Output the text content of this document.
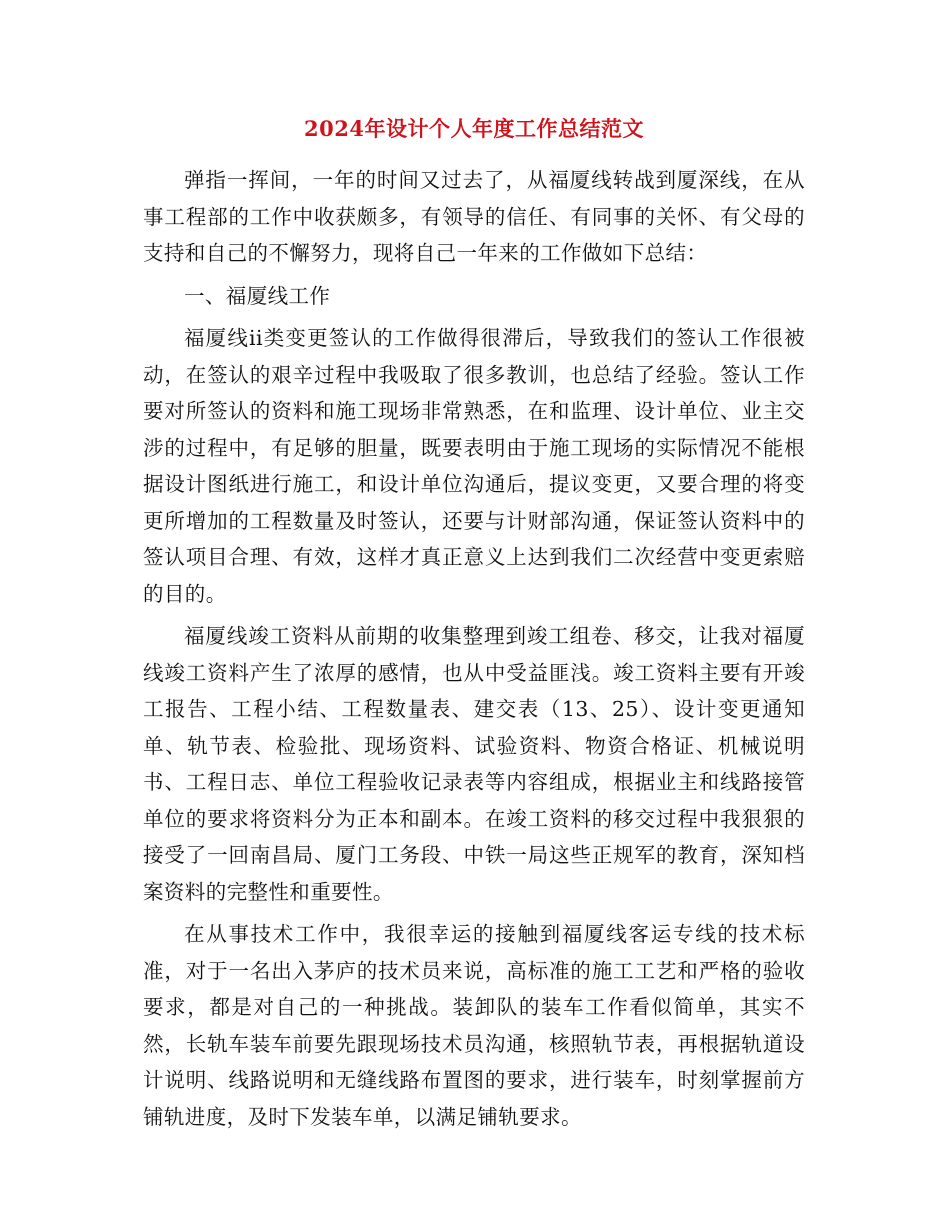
2024年设计个人年度工作总结范文

弹指一挥间，一年的时间又过去了，从福厦线转战到厦深线，在从事工程部的工作中收获颇多，有领导的信任、有同事的关怀、有父母的支持和自己的不懈努力，现将自己一年来的工作做如下总结：

一、福厦线工作

福厦线ii类变更签认的工作做得很滞后，导致我们的签认工作很被动，在签认的艰辛过程中我吸取了很多教训，也总结了经验。签认工作要对所签认的资料和施工现场非常熟悉，在和监理、设计单位、业主交涉的过程中，有足够的胆量，既要表明由于施工现场的实际情况不能根据设计图纸进行施工，和设计单位沟通后，提议变更，又要合理的将变更所增加的工程数量及时签认，还要与计财部沟通，保证签认资料中的签认项目合理、有效，这样才真正意义上达到我们二次经营中变更索赔的目的。

福厦线竣工资料从前期的收集整理到竣工组卷、移交，让我对福厦线竣工资料产生了浓厚的感情，也从中受益匪浅。竣工资料主要有开竣工报告、工程小结、工程数量表、建交表（13、25）、设计变更通知单、轨节表、检验批、现场资料、试验资料、物资合格证、机械说明书、工程日志、单位工程验收记录表等内容组成，根据业主和线路接管单位的要求将资料分为正本和副本。在竣工资料的移交过程中我狠狠的接受了一回南昌局、厦门工务段、中铁一局这些正规军的教育，深知档案资料的完整性和重要性。

在从事技术工作中，我很幸运的接触到福厦线客运专线的技术标准，对于一名出入茅庐的技术员来说，高标准的施工工艺和严格的验收要求，都是对自己的一种挑战。装卸队的装车工作看似简单，其实不然，长轨车装车前要先跟现场技术员沟通，核照轨节表，再根据轨道设计说明、线路说明和无缝线路布置图的要求，进行装车，时刻掌握前方铺轨进度，及时下发装车单，以满足铺轨要求。
